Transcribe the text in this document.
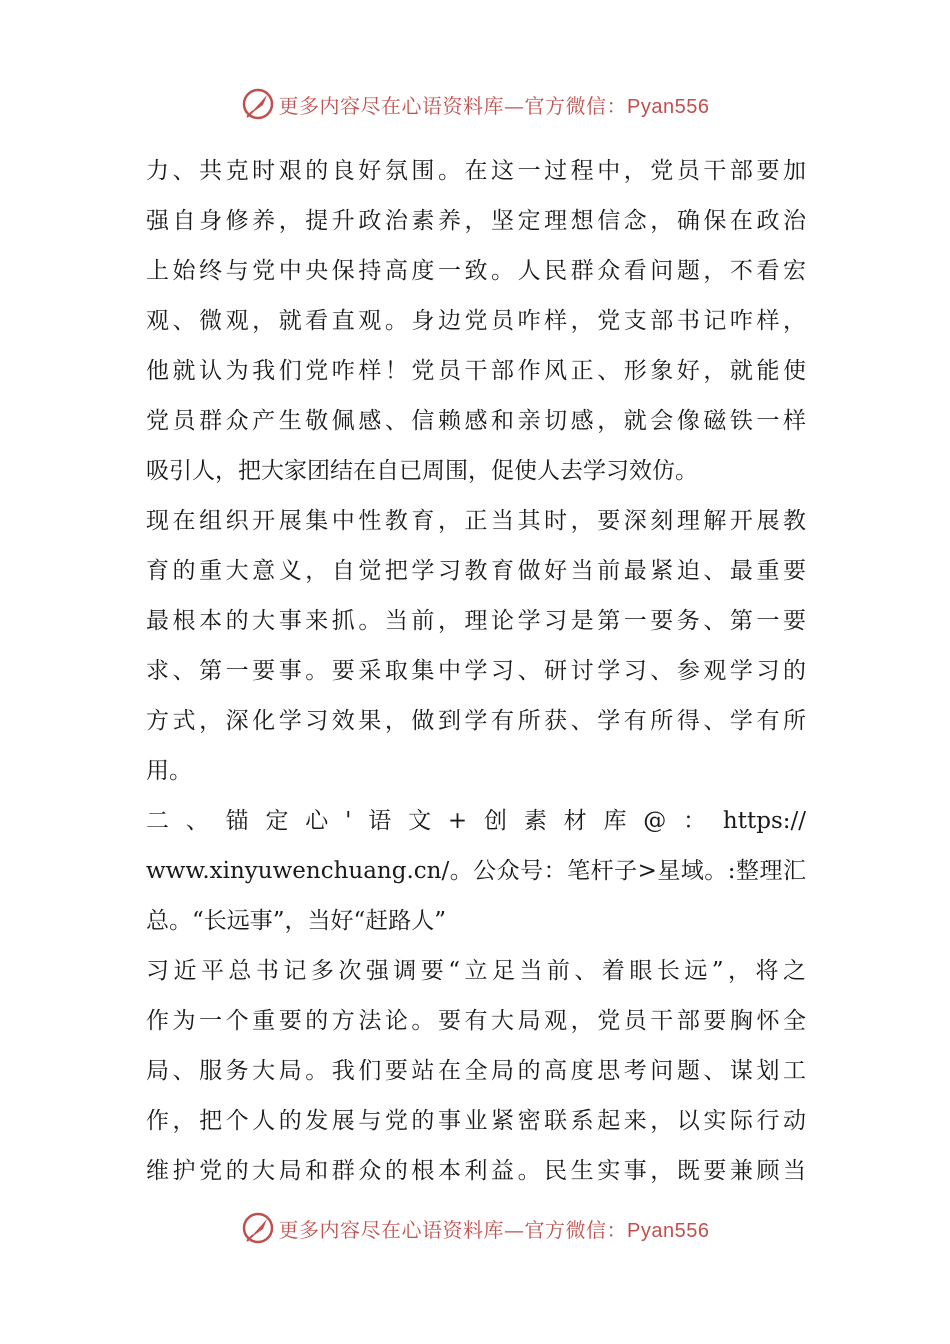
更多内容尽在心语资料库—官方微信：Pyan556
力、共克时艰的良好氛围。在这一过程中，党员干部要加
强自身修养，提升政治素养，坚定理想信念，确保在政治
上始终与党中央保持高度一致。人民群众看问题，不看宏
观、微观，就看直观。身边党员咋样，党支部书记咋样，
他就认为我们党咋样！党员干部作风正、形象好，就能使
党员群众产生敬佩感、信赖感和亲切感，就会像磁铁一样
吸引人，把大家团结在自已周围，促使人去学习效仿。
现在组织开展集中性教育，正当其时，要深刻理解开展教
育的重大意义，自觉把学习教育做好当前最紧迫、最重要
最根本的大事来抓。当前，理论学习是第一要务、第一要
求、第一要事。要采取集中学习、研讨学习、参观学习的
方式，深化学习效果，做到学有所获、学有所得、学有所
用。
二、锚定心'语文+创素材库@：https://
www.xinyuwenchuang.cn/。公众号：笔杆子>星域。:整理汇
总。“长远事”，当好“赶路人”
习近平总书记多次强调要“立足当前、着眼长远”，将之
作为一个重要的方法论。要有大局观，党员干部要胸怀全
局、服务大局。我们要站在全局的高度思考问题、谋划工
作，把个人的发展与党的事业紧密联系起来，以实际行动
维护党的大局和群众的根本利益。民生实事，既要兼顾当
更多内容尽在心语资料库—官方微信：Pyan556
